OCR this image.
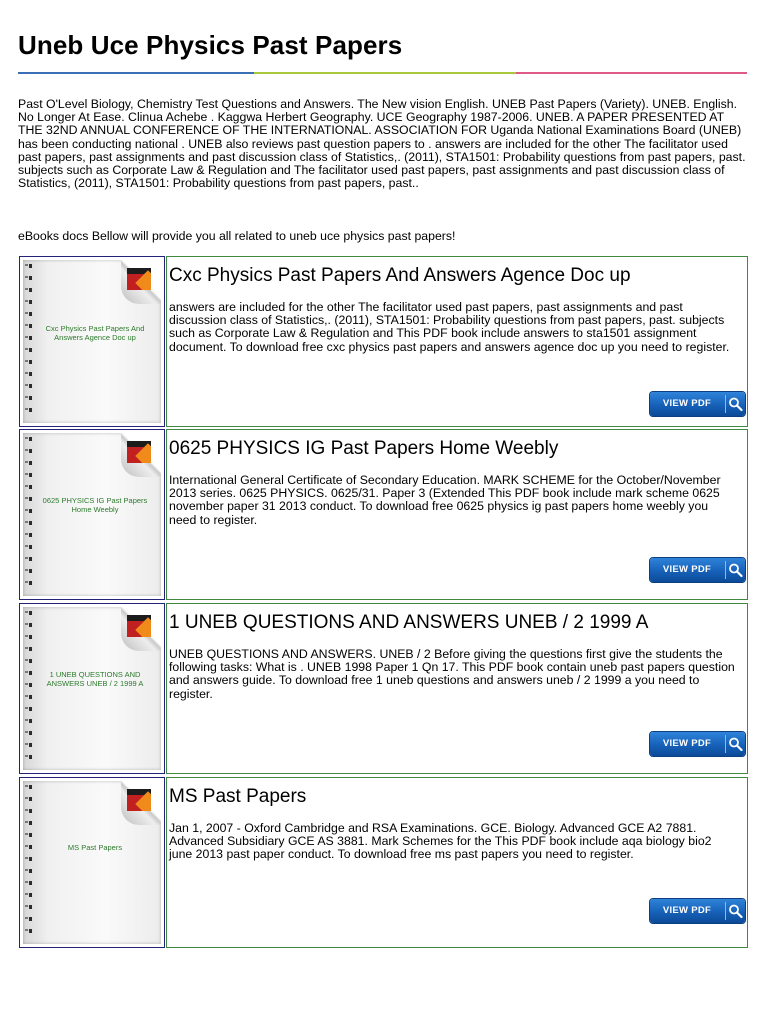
Uneb Uce Physics Past Papers

Past O'Level Biology, Chemistry Test Questions and Answers. The New vision English. UNEB Past Papers (Variety). UNEB. English. No Longer At Ease. Clinua Achebe . Kaggwa Herbert Geography. UCE Geography 1987-2006. UNEB. A PAPER PRESENTED AT THE 32ND ANNUAL CONFERENCE OF THE INTERNATIONAL. ASSOCIATION FOR Uganda National Examinations Board (UNEB) has been conducting national . UNEB also reviews past question papers to . answers are included for the other The facilitator used past papers, past assignments and past discussion class of Statistics,. (2011), STA1501: Probability questions from past papers, past. subjects such as Corporate Law & Regulation and The facilitator used past papers, past assignments and past discussion class of Statistics, (2011), STA1501: Probability questions from past papers, past..

eBooks docs Bellow will provide you all related to uneb uce physics past papers!

Cxc Physics Past Papers And Answers Agence Doc up
Cxc Physics Past Papers And Answers Agence Doc up

answers are included for the other The facilitator used past papers, past assignments and past discussion class of Statistics,. (2011), STA1501: Probability questions from past papers, past. subjects such as Corporate Law & Regulation and This PDF book include answers to sta1501 assignment document. To download free cxc physics past papers and answers agence doc up you need to register.

VIEW PDF
0625 PHYSICS IG Past Papers Home Weebly
0625 PHYSICS IG Past Papers Home Weebly

International General Certificate of Secondary Education. MARK SCHEME for the October/November 2013 series. 0625 PHYSICS. 0625/31. Paper 3 (Extended This PDF book include mark scheme 0625 november paper 31 2013 conduct. To download free 0625 physics ig past papers home weebly you need to register.

VIEW PDF
1 UNEB QUESTIONS AND ANSWERS UNEB / 2 1999 A
1 UNEB QUESTIONS AND ANSWERS UNEB / 2 1999 A

UNEB QUESTIONS AND ANSWERS. UNEB / 2 Before giving the questions first give the students the following tasks: What is . UNEB 1998 Paper 1 Qn 17. This PDF book contain uneb past papers question and answers guide. To download free 1 uneb questions and answers uneb / 2 1999 a you need to register.

VIEW PDF
MS Past Papers
MS Past Papers

Jan 1, 2007 - Oxford Cambridge and RSA Examinations. GCE. Biology. Advanced GCE A2 7881. Advanced Subsidiary GCE AS 3881. Mark Schemes for the This PDF book include aqa biology bio2 june 2013 past paper conduct. To download free ms past papers you need to register.

VIEW PDF
